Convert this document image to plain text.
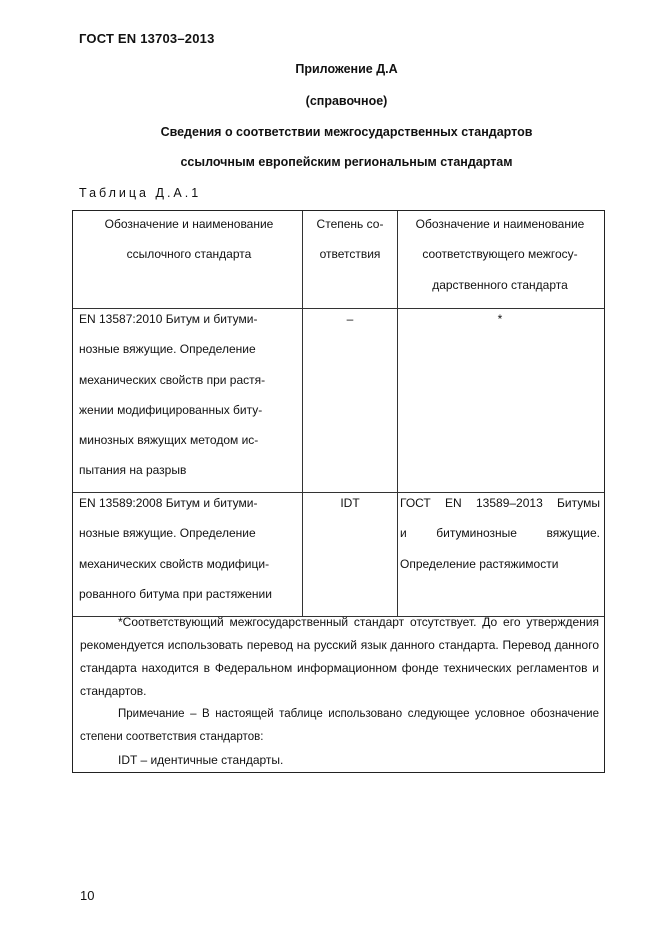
ГОСТ EN 13703–2013
Приложение Д.А
(справочное)
Сведения о соответствии межгосударственных стандартов
ссылочным европейским региональным стандартам
Таблица Д.А.1
Обозначение и наименование
ссылочного стандарта
Степень со-
ответствия
Обозначение и наименование
соответствующего межгосу-
дарственного стандарта
EN 13587:2010 Битум и битуми-
нозные вяжущие. Определение
механических свойств при растя-
жении модифицированных биту-
минозных вяжущих методом ис-
пытания на разрыв
–	*
EN 13589:2008 Битум и битуми-
нозные вяжущие. Определение
механических свойств модифици-
рованного битума при растяжении
IDT	ГОСТ EN 13589–2013 Битумы
и битуминозные вяжущие.
Определение растяжимости

*Соответствующий межгосударственный стандарт отсутствует. До его утверждения рекомендуется использовать перевод на русский язык данного стандарта. Перевод данного стандарта находится в Федеральном информационном фонде технических регламентов и стандартов.

Примечание – В настоящей таблице использовано следующее условное обозначение степени соответствия стандартов:

IDT – идентичные стандарты.

10
